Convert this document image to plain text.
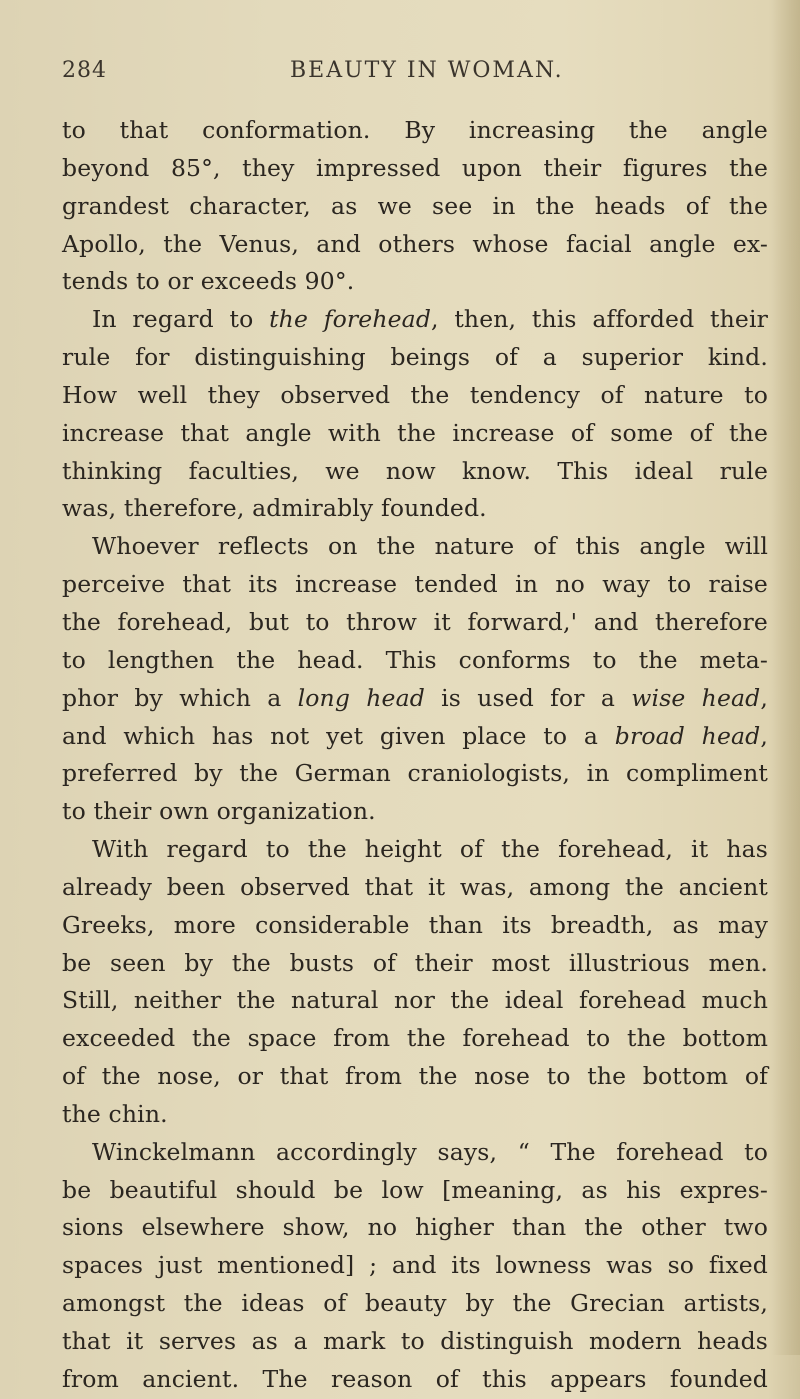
284	BEAUTY IN WOMAN.
to that conformation. By increasing the angle
beyond 85°, they impressed upon their figures the
grandest character, as we see in the heads of the
Apollo, the Venus, and others whose facial angle ex-
tends to or exceeds 90°.
In regard to the forehead, then, this afforded their
rule for distinguishing beings of a superior kind.
How well they observed the tendency of nature to
increase that angle with the increase of some of the
thinking faculties, we now know. This ideal rule
was, therefore, admirably founded.
Whoever reflects on the nature of this angle will
perceive that its increase tended in no way to raise
the forehead, but to throw it forward,' and therefore
to lengthen the head. This conforms to the meta-
phor by which a long head is used for a wise head,
and which has not yet given place to a broad head,
preferred by the German craniologists, in compliment
to their own organization.
With regard to the height of the forehead, it has
already been observed that it was, among the ancient
Greeks, more considerable than its breadth, as may
be seen by the busts of their most illustrious men.
Still, neither the natural nor the ideal forehead much
exceeded the space from the forehead to the bottom
of the nose, or that from the nose to the bottom of
the chin.
Winckelmann accordingly says, “ The forehead to
be beautiful should be low [meaning, as his expres-
sions elsewhere show, no higher than the other two
spaces just mentioned] ; and its lowness was so fixed
amongst the ideas of beauty by the Grecian artists,
that it serves as a mark to distinguish modern heads
from ancient. The reason of this appears founded
